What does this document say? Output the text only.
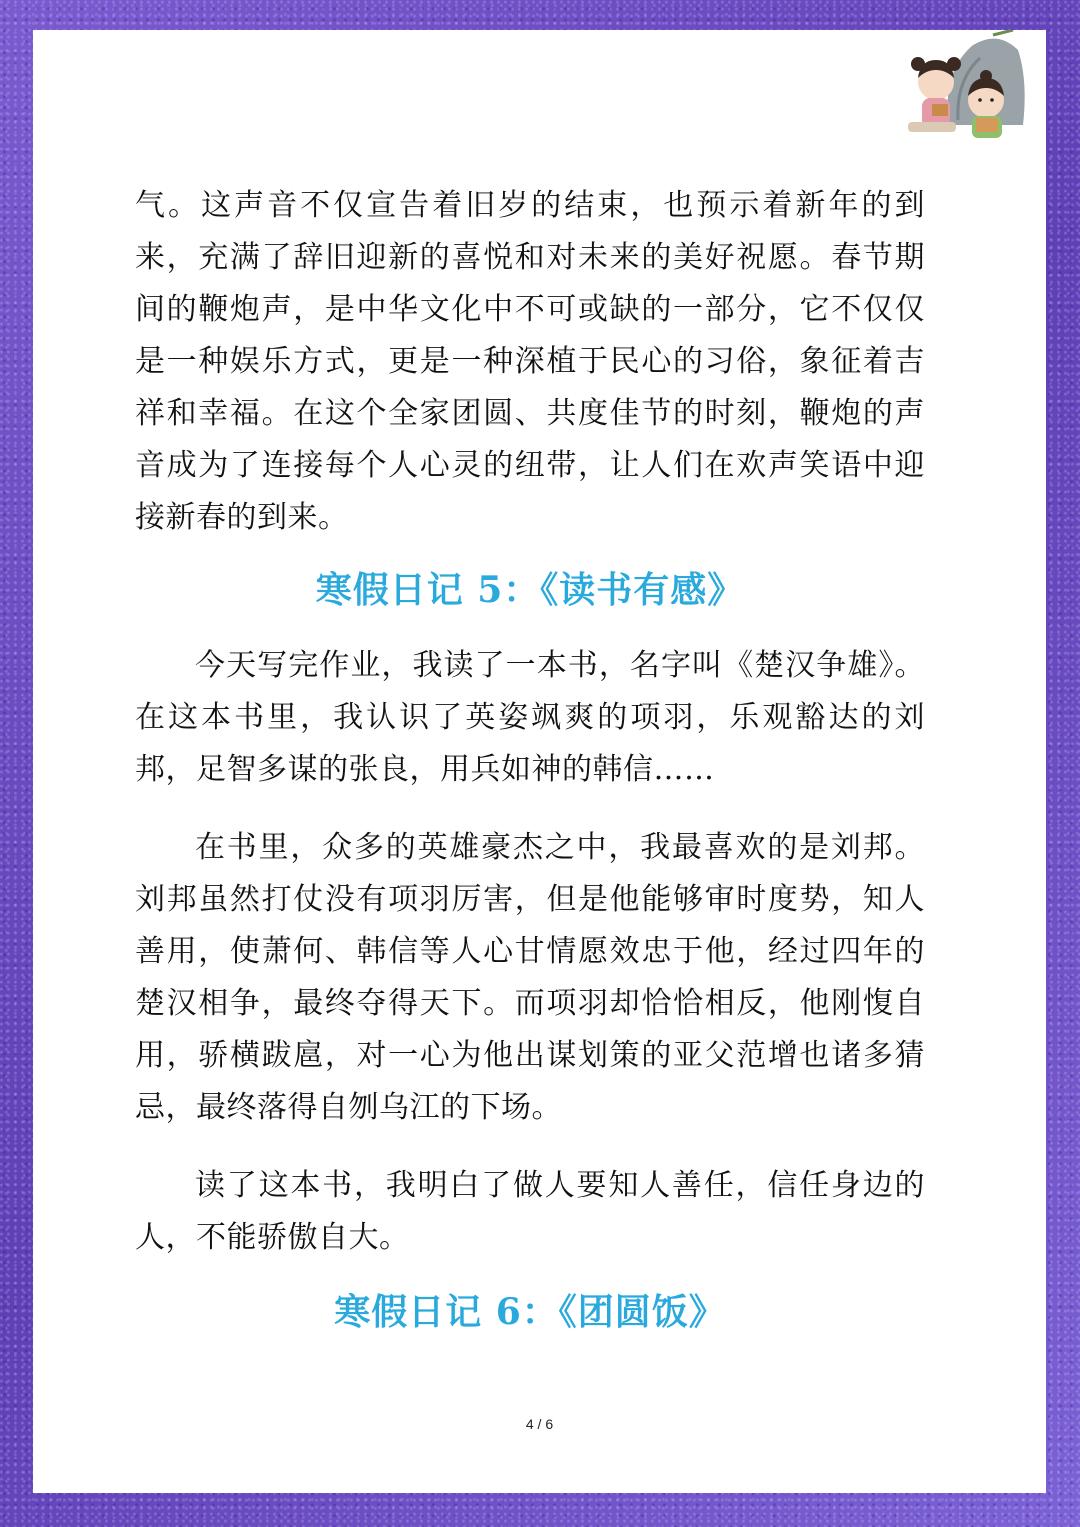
气。这声音不仅宣告着旧岁的结束，也预示着新年的到来，充满了辞旧迎新的喜悦和对未来的美好祝愿。春节期间的鞭炮声，是中华文化中不可或缺的一部分，它不仅仅是一种娱乐方式，更是一种深植于民心的习俗，象征着吉祥和幸福。在这个全家团圆、共度佳节的时刻，鞭炮的声音成为了连接每个人心灵的纽带，让人们在欢声笑语中迎接新春的到来。

寒假日记 5：《读书有感》

今天写完作业，我读了一本书，名字叫《楚汉争雄》。在这本书里，我认识了英姿飒爽的项羽，乐观豁达的刘邦，足智多谋的张良，用兵如神的韩信……

在书里，众多的英雄豪杰之中，我最喜欢的是刘邦。刘邦虽然打仗没有项羽厉害，但是他能够审时度势，知人善用，使萧何、韩信等人心甘情愿效忠于他，经过四年的楚汉相争，最终夺得天下。而项羽却恰恰相反，他刚愎自用，骄横跋扈，对一心为他出谋划策的亚父范增也诸多猜忌，最终落得自刎乌江的下场。

读了这本书，我明白了做人要知人善任，信任身边的人，不能骄傲自大。

寒假日记 6：《团圆饭》
4 / 6
